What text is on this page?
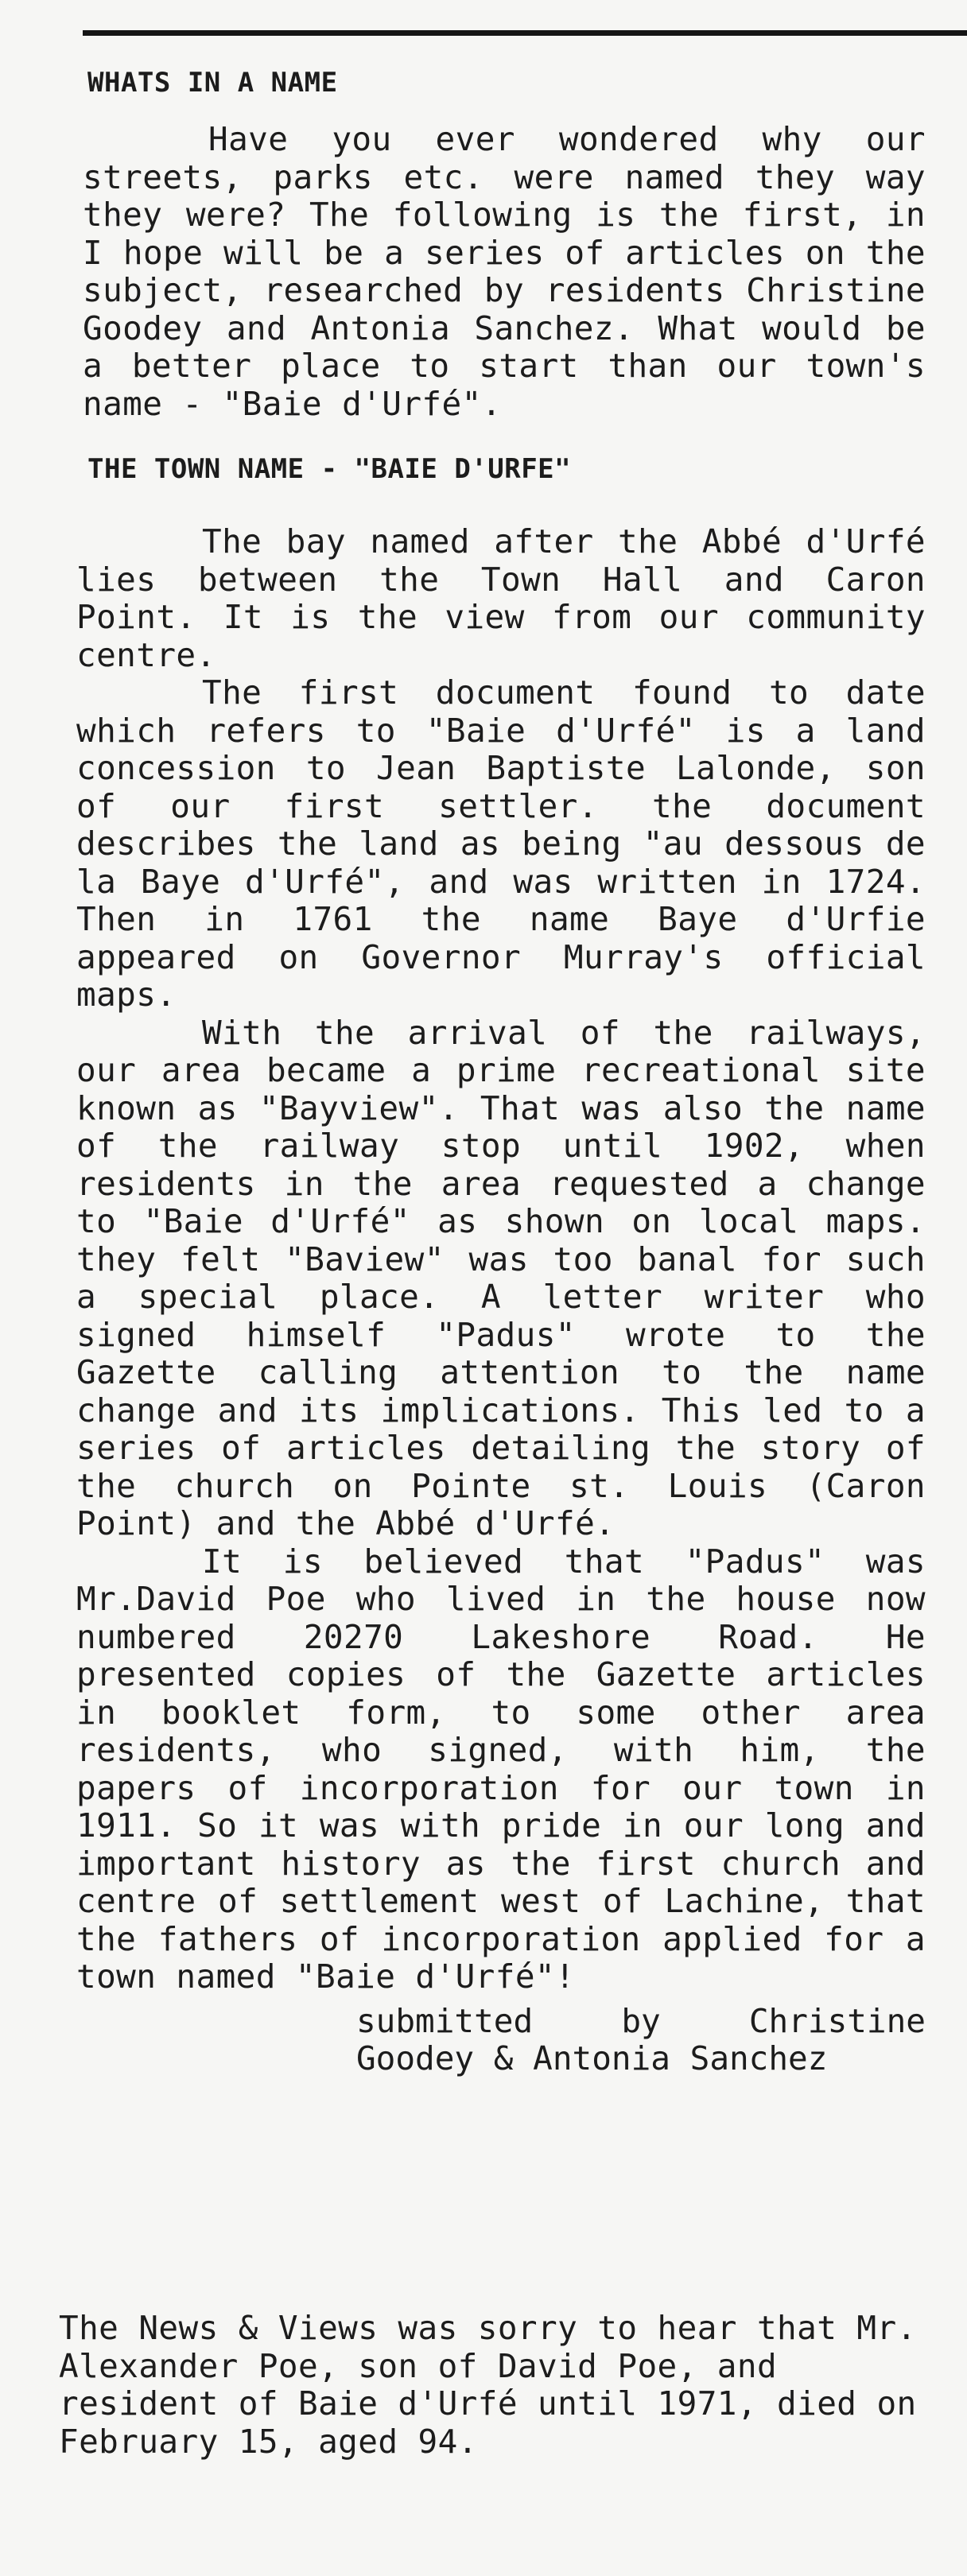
WHATS IN A NAME

Have you ever wondered why our streets, parks etc. were named they way they were? The following is the first, in I hope will be a series of articles on the subject, researched by residents Christine Goodey and Antonia Sanchez. What would be a better place to start than our town's name - "Baie d'Urfé".

THE TOWN NAME - "BAIE D'URFE"

The bay named after the Abbé d'Urfé lies between the Town Hall and Caron Point. It is the view from our community centre.

The first document found to date which refers to "Baie d'Urfé" is a land concession to Jean Baptiste Lalonde, son of our first settler. the document describes the land as being "au dessous de la Baye d'Urfé", and was written in 1724. Then in 1761 the name Baye d'Urfie appeared on Governor Murray's official maps.

With the arrival of the railways, our area became a prime recreational site known as "Bayview". That was also the name of the railway stop until 1902, when residents in the area requested a change to "Baie d'Urfé" as shown on local maps. they felt "Baview" was too banal for such a special place. A letter writer who signed himself "Padus" wrote to the Gazette calling attention to the name change and its implications. This led to a series of articles detailing the story of the church on Pointe st. Louis (Caron Point) and the Abbé d'Urfé.

It is believed that "Padus" was Mr.David Poe who lived in the house now numbered 20270 Lakeshore Road. He presented copies of the Gazette articles in booklet form, to some other area residents, who signed, with him, the papers of incorporation for our town in 1911. So it was with pride in our long and important history as the first church and centre of settlement west of Lachine, that the fathers of incorporation applied for a town named "Baie d'Urfé"!

submitted	by	Christine
Goodey & Antonia Sanchez
The News & Views was sorry to hear that Mr. Alexander Poe, son of David Poe, and resident of Baie d'Urfé until 1971, died on February 15, aged 94.
